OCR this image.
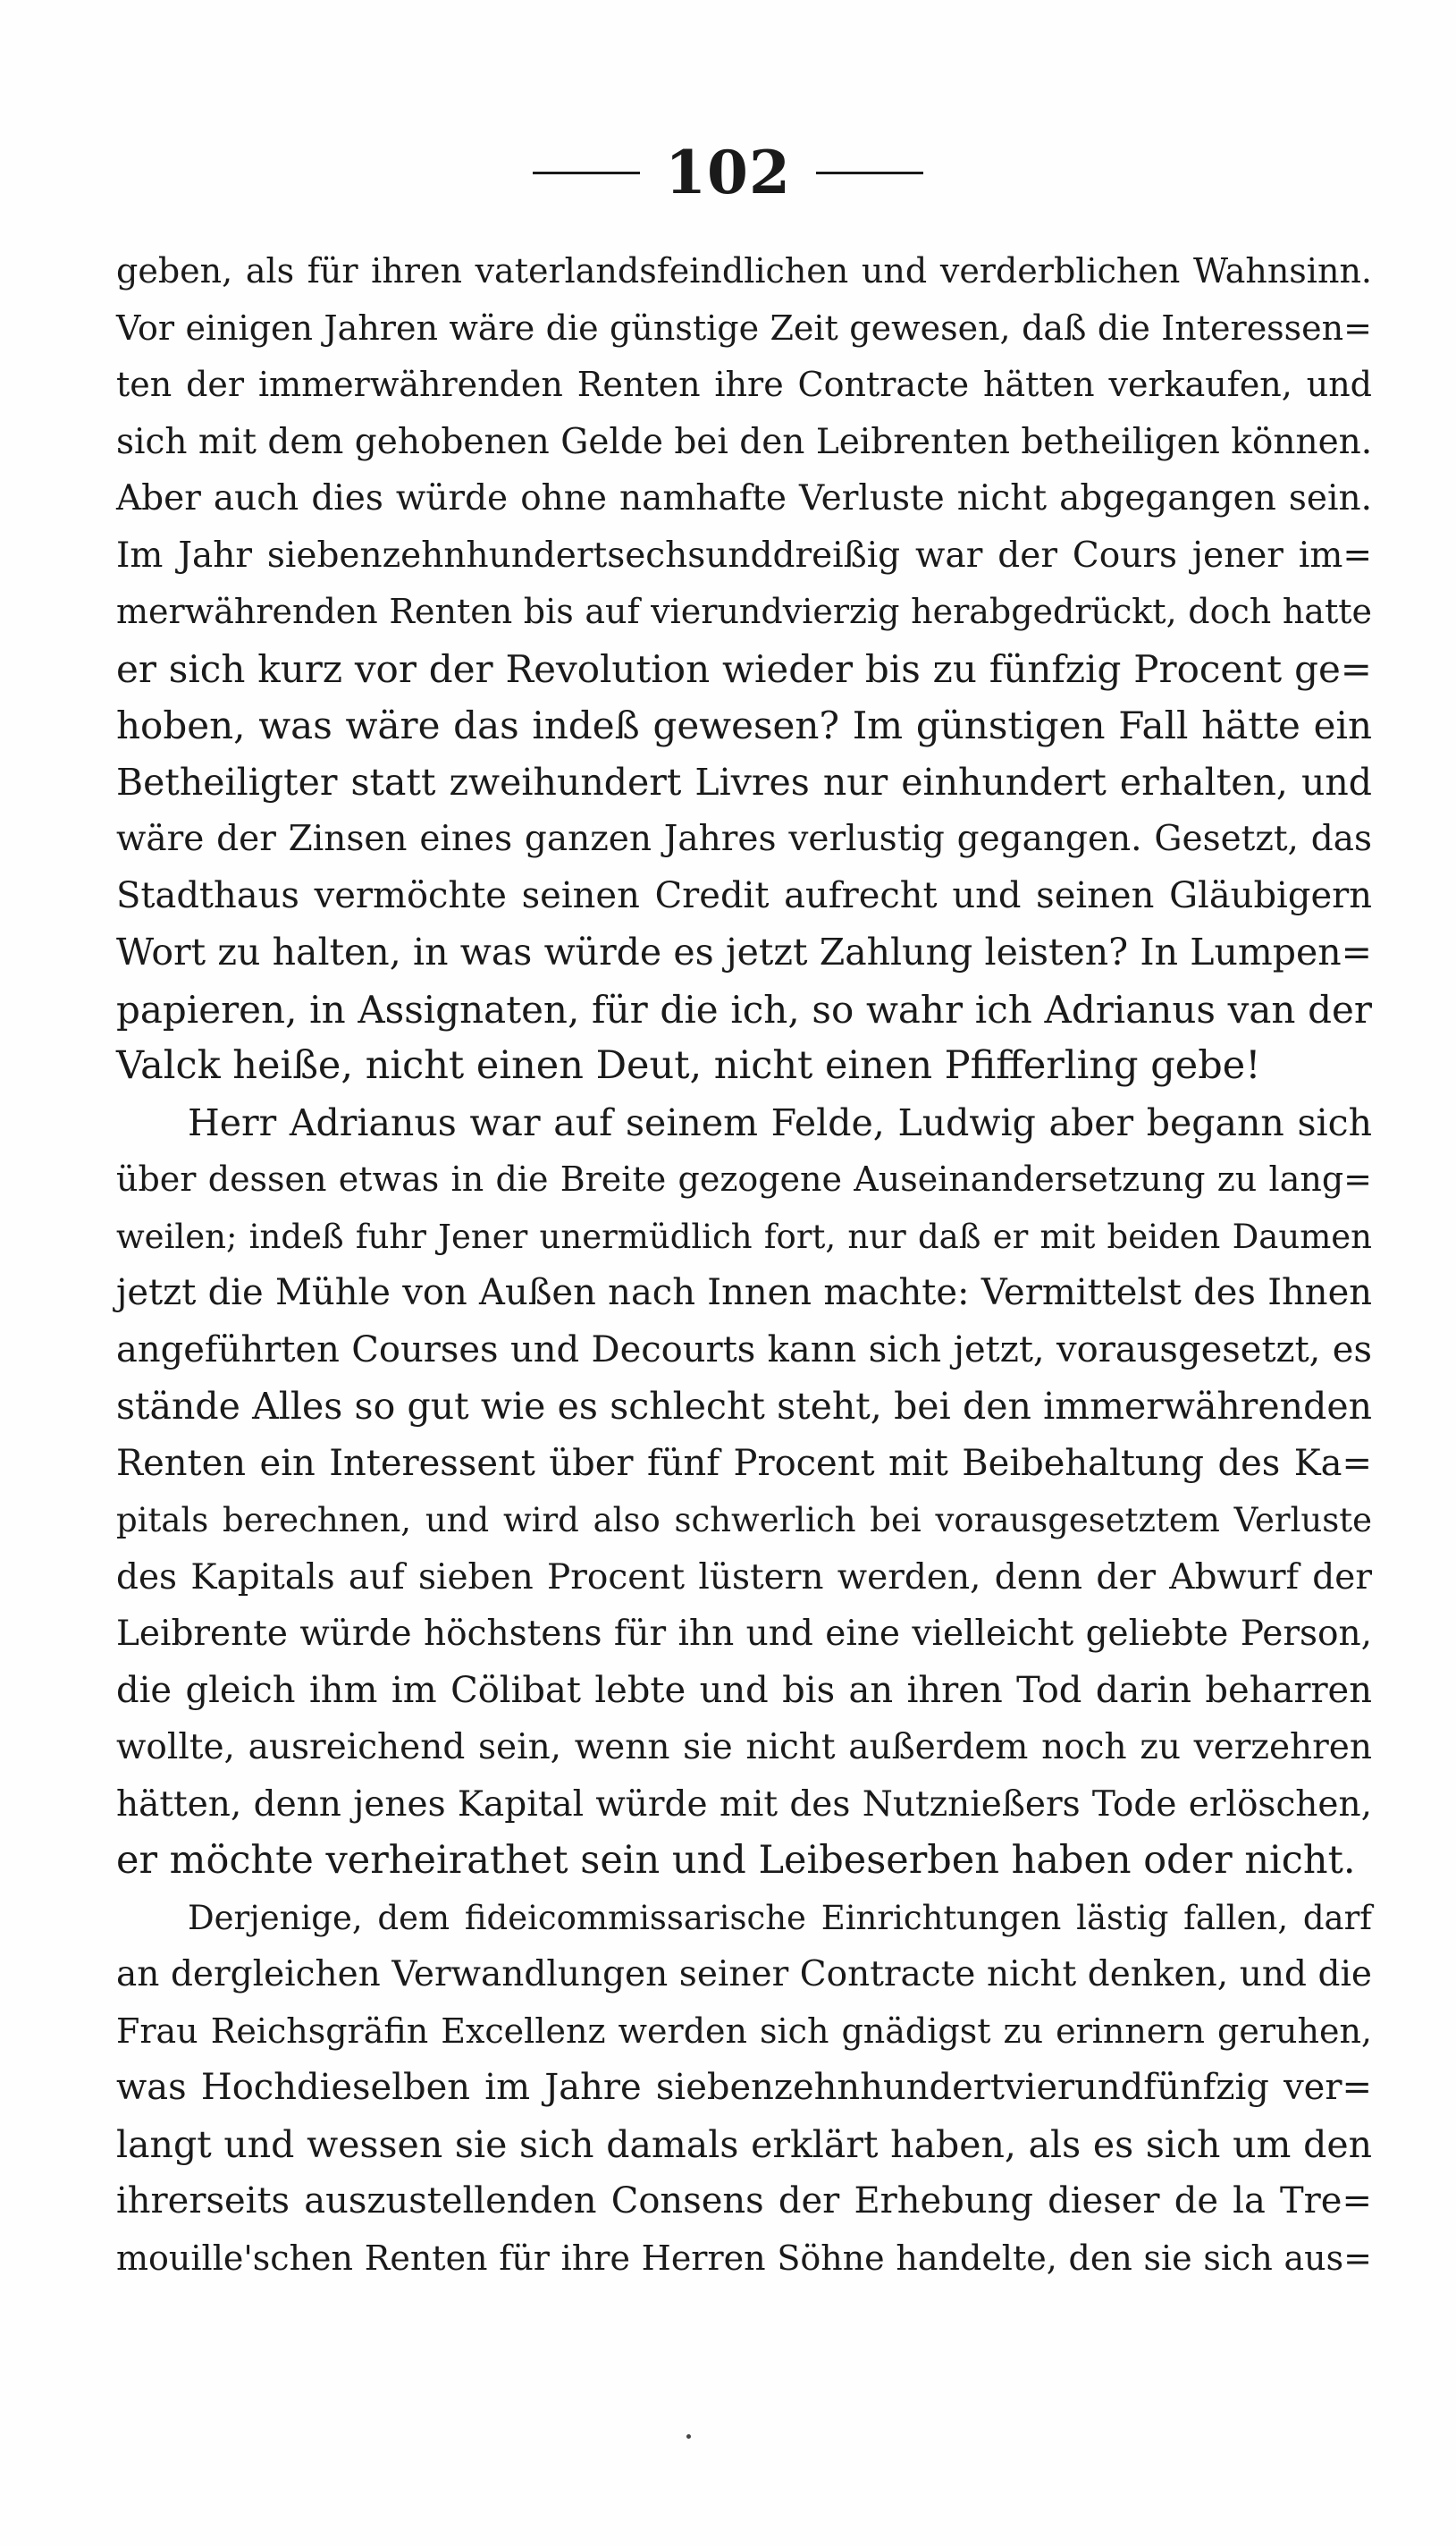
102
geben, als für ihren vaterlandsfeindlichen und verderblichen Wahnsinn.
Vor einigen Jahren wäre die günstige Zeit gewesen, daß die Interessen=
ten der immerwährenden Renten ihre Contracte hätten verkaufen, und
sich mit dem gehobenen Gelde bei den Leibrenten betheiligen können.
Aber auch dies würde ohne namhafte Verluste nicht abgegangen sein.
Im Jahr siebenzehnhundertsechsunddreißig war der Cours jener im=
merwährenden Renten bis auf vierundvierzig herabgedrückt, doch hatte
er sich kurz vor der Revolution wieder bis zu fünfzig Procent ge=
hoben, was wäre das indeß gewesen? Im günstigen Fall hätte ein
Betheiligter statt zweihundert Livres nur einhundert erhalten, und
wäre der Zinsen eines ganzen Jahres verlustig gegangen. Gesetzt, das
Stadthaus vermöchte seinen Credit aufrecht und seinen Gläubigern
Wort zu halten, in was würde es jetzt Zahlung leisten? In Lumpen=
papieren, in Assignaten, für die ich, so wahr ich Adrianus van der
Valck heiße, nicht einen Deut, nicht einen Pfifferling gebe!
Herr Adrianus war auf seinem Felde, Ludwig aber begann sich
über dessen etwas in die Breite gezogene Auseinandersetzung zu lang=
weilen; indeß fuhr Jener unermüdlich fort, nur daß er mit beiden Daumen
jetzt die Mühle von Außen nach Innen machte: Vermittelst des Ihnen
angeführten Courses und Decourts kann sich jetzt, vorausgesetzt, es
stände Alles so gut wie es schlecht steht, bei den immerwährenden
Renten ein Interessent über fünf Procent mit Beibehaltung des Ka=
pitals berechnen, und wird also schwerlich bei vorausgesetztem Verluste
des Kapitals auf sieben Procent lüstern werden, denn der Abwurf der
Leibrente würde höchstens für ihn und eine vielleicht geliebte Person,
die gleich ihm im Cölibat lebte und bis an ihren Tod darin beharren
wollte, ausreichend sein, wenn sie nicht außerdem noch zu verzehren
hätten, denn jenes Kapital würde mit des Nutznießers Tode erlöschen,
er möchte verheirathet sein und Leibeserben haben oder nicht.
Derjenige, dem fideicommissarische Einrichtungen lästig fallen, darf
an dergleichen Verwandlungen seiner Contracte nicht denken, und die
Frau Reichsgräfin Excellenz werden sich gnädigst zu erinnern geruhen,
was Hochdieselben im Jahre siebenzehnhundertvierundfünfzig ver=
langt und wessen sie sich damals erklärt haben, als es sich um den
ihrerseits auszustellenden Consens der Erhebung dieser de la Tre=
mouille'schen Renten für ihre Herren Söhne handelte, den sie sich aus=
